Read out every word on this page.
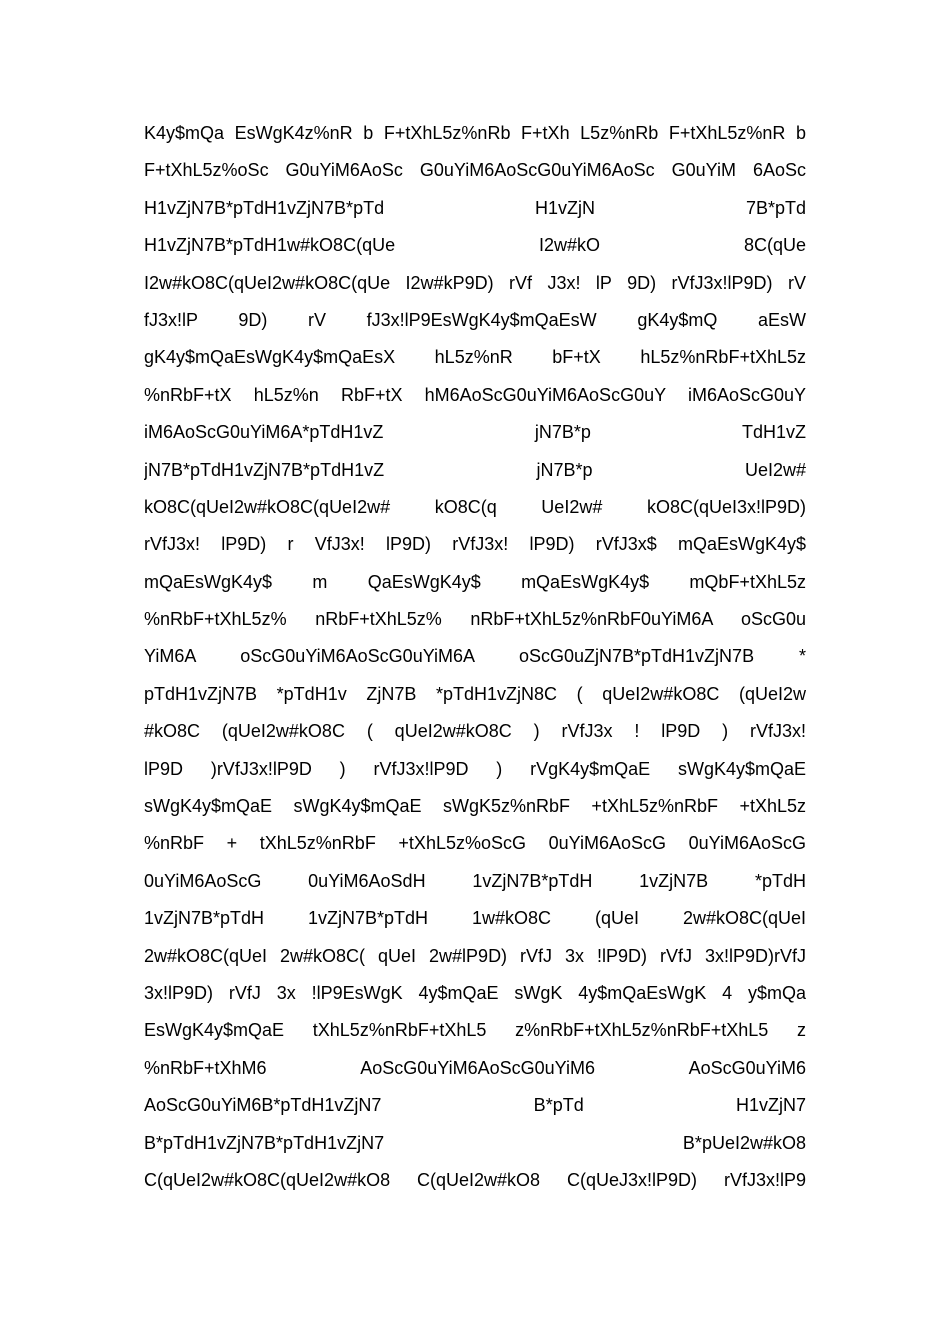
K4y$mQa EsWgK4z%nR b F+tXhL5z%nRb F+tXh L5z%nRb F+tXhL5z%nR b
F+tXhL5z%oSc G0uYiM6AoSc G0uYiM6AoScG0uYiM6AoSc G0uYiM 6AoSc
H1vZjN7B*pTdH1vZjN7B*pTd H1vZjN 7B*pTd
H1vZjN7B*pTdH1w#kO8C(qUe I2w#kO 8C(qUe
I2w#kO8C(qUeI2w#kO8C(qUe I2w#kP9D) rVf J3x! lP 9D) rVfJ3x!lP9D) rV
fJ3x!lP 9D) rV fJ3x!lP9EsWgK4y$mQaEsW gK4y$mQ aEsW
gK4y$mQaEsWgK4y$mQaEsX hL5z%nR bF+tX hL5z%nRbF+tXhL5z
%nRbF+tX hL5z%n RbF+tX hM6AoScG0uYiM6AoScG0uY iM6AoScG0uY
iM6AoScG0uYiM6A*pTdH1vZ jN7B*p TdH1vZ
jN7B*pTdH1vZjN7B*pTdH1vZ jN7B*p UeI2w#
kO8C(qUeI2w#kO8C(qUeI2w# kO8C(q UeI2w# kO8C(qUeI3x!lP9D)
rVfJ3x! lP9D) r VfJ3x! lP9D) rVfJ3x! lP9D) rVfJ3x$ mQaEsWgK4y$
mQaEsWgK4y$ m QaEsWgK4y$ mQaEsWgK4y$ mQbF+tXhL5z
%nRbF+tXhL5z% nRbF+tXhL5z% nRbF+tXhL5z%nRbF0uYiM6A oScG0u
YiM6A oScG0uYiM6AoScG0uYiM6A oScG0uZjN7B*pTdH1vZjN7B *
pTdH1vZjN7B *pTdH1v ZjN7B *pTdH1vZjN8C ( qUeI2w#kO8C (qUeI2w
#kO8C (qUeI2w#kO8C ( qUeI2w#kO8C ) rVfJ3x ! lP9D ) rVfJ3x!
lP9D )rVfJ3x!lP9D ) rVfJ3x!lP9D ) rVgK4y$mQaE sWgK4y$mQaE
sWgK4y$mQaE sWgK4y$mQaE sWgK5z%nRbF +tXhL5z%nRbF +tXhL5z
%nRbF + tXhL5z%nRbF +tXhL5z%oScG 0uYiM6AoScG 0uYiM6AoScG
0uYiM6AoScG 0uYiM6AoSdH 1vZjN7B*pTdH 1vZjN7B *pTdH
1vZjN7B*pTdH 1vZjN7B*pTdH 1w#kO8C (qUeI 2w#kO8C(qUeI
2w#kO8C(qUeI 2w#kO8C( qUeI 2w#lP9D) rVfJ 3x !lP9D) rVfJ 3x!lP9D)rVfJ
3x!lP9D) rVfJ 3x !lP9EsWgK 4y$mQaE sWgK 4y$mQaEsWgK 4 y$mQa
EsWgK4y$mQaE tXhL5z%nRbF+tXhL5 z%nRbF+tXhL5z%nRbF+tXhL5 z
%nRbF+tXhM6 AoScG0uYiM6AoScG0uYiM6 AoScG0uYiM6
AoScG0uYiM6B*pTdH1vZjN7 B*pTd H1vZjN7
B*pTdH1vZjN7B*pTdH1vZjN7 B*pUeI2w#kO8
C(qUeI2w#kO8C(qUeI2w#kO8 C(qUeI2w#kO8 C(qUeJ3x!lP9D) rVfJ3x!lP9
